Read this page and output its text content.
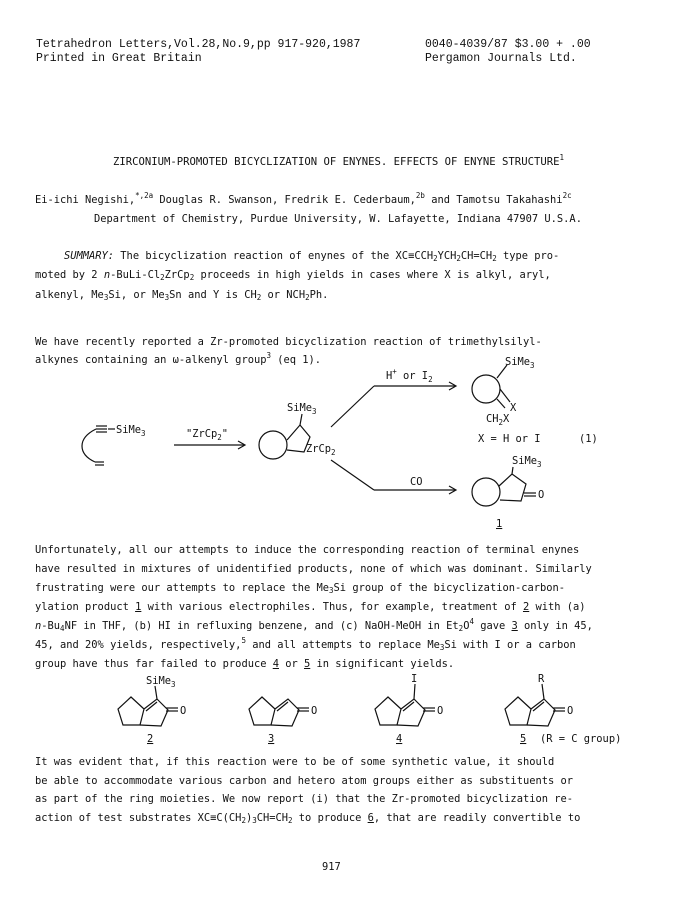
Tetrahedron Letters,Vol.28,No.9,pp 917-920,1987
Printed in Great Britain
0040-4039/87 $3.00 + .00
Pergamon Journals Ltd.
ZIRCONIUM-PROMOTED BICYCLIZATION OF ENYNES. EFFECTS OF ENYNE STRUCTURE$^1$
Ei-ichi Negishi,$^{*,2a}$ Douglas R. Swanson, Fredrik E. Cederbaum,$^{2b}$ and Tamotsu Takahashi$^{2c}$
Department of Chemistry, Purdue University, W. Lafayette, Indiana 47907 U.S.A.
SUMMARY: The bicyclization reaction of enynes of the $XC\equiv CCH_2YCH_2CH=CH_2$ type pro-
moted by 2 $n-BuLi-Cl_2ZrCp_2$ proceeds in high yields in cases where X is alkyl, aryl,
alkenyl, $Me_3Si$, or $Me_3Sn$ and Y is $CH_2$ or $NCH_2Ph$.
We have recently reported a Zr-promoted bicyclization reaction of trimethylsilyl-
alkynes containing an ω-alkenyl group$^3$ (eq 1).
SiMe$_3$	"ZrCp$_2$"
SiMe$_3$
ZrCp$_2$
H+ or $I_2$
SiMe$_3$
X
$CH_2X$
X = H or I	(1)
SiMe$_3$
CO
O
1
Unfortunately, all our attempts to induce the corresponding reaction of terminal enynes
have resulted in mixtures of unidentified products, none of which was dominant. Similarly
frustrating were our attempts to replace the $Me_3Si$ group of the bicyclization-carbon-
ylation product 1 with various electrophiles. Thus, for example, treatment of 2 with (a)
$n-Bu_4NF$ in THF, (b) HI in refluxing benzene, and (c) NaOH-MeOH in $Et_2O^4$ gave 3 only in 45,
45, and 20% yields, respectively,$^5$ and all attempts to replace $Me_3Si$ with I or a carbon
group have thus far failed to produce 4 or 5 in significant yields.
SiMe$_3$
O
2
O
3
I
O
4
R
O
5 (R = C group)
It was evident that, if this reaction were to be of some synthetic value, it should
be able to accommodate various carbon and hetero atom groups either as substituents or
as part of the ring moieties. We now report (i) that the Zr-promoted bicyclization re-
action of test substrates $XC\equiv C(CH_2)_3CH=CH_2$ to produce 6, that are readily convertible to
917
